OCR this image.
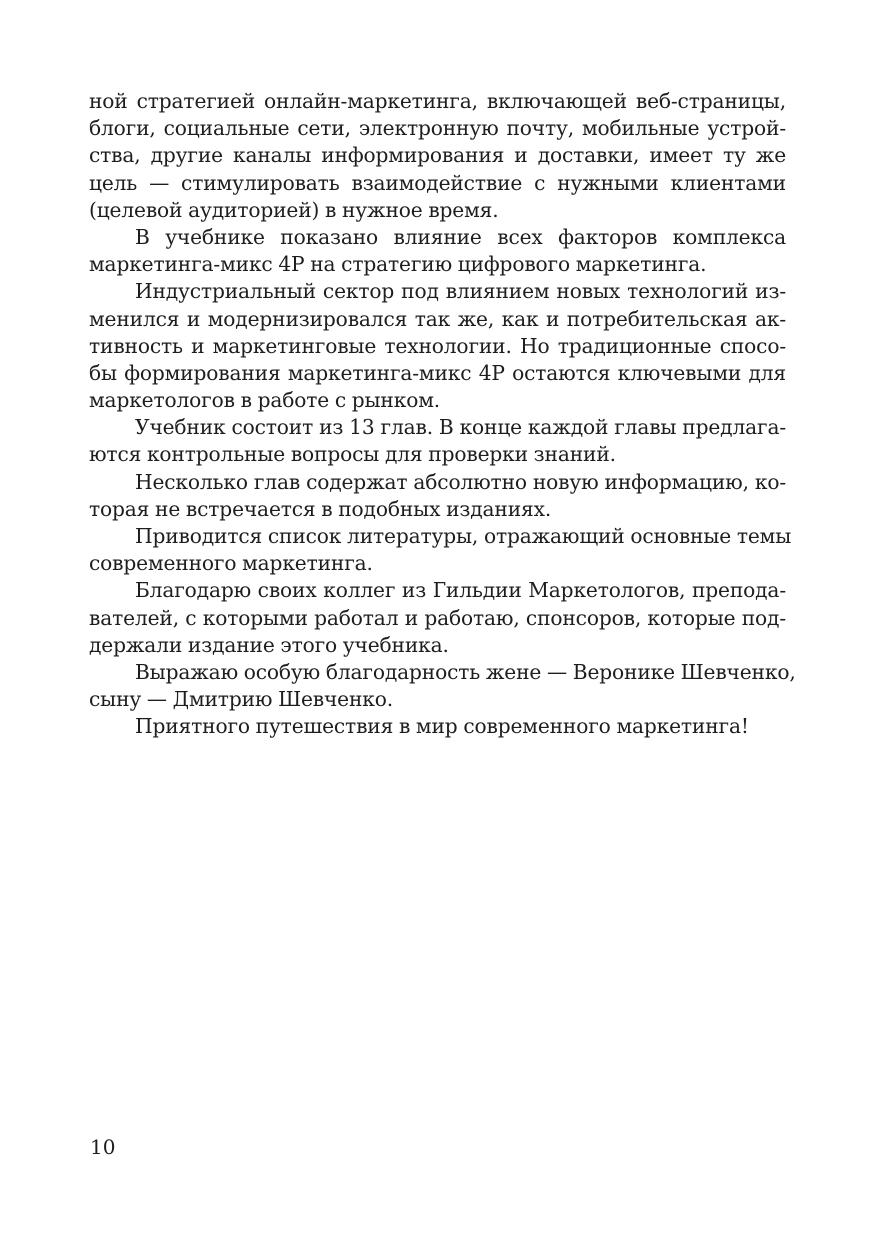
ной стратегией онлайн-маркетинга, включающей веб-страницы,
блоги, социальные сети, электронную почту, мобильные устрой-
ства, другие каналы информирования и доставки, имеет ту же
цель — стимулировать взаимодействие с нужными клиентами
(целевой аудиторией) в нужное время.
В учебнике показано влияние всех факторов комплекса
маркетинга-микс 4Р на стратегию цифрового маркетинга.
Индустриальный сектор под влиянием новых технологий из-
менился и модернизировался так же, как и потребительская ак-
тивность и маркетинговые технологии. Но традиционные спосо-
бы формирования маркетинга-микс 4Р остаются ключевыми для
маркетологов в работе с рынком.
Учебник состоит из 13 глав. В конце каждой главы предлага-
ются контрольные вопросы для проверки знаний.
Несколько глав содержат абсолютно новую информацию, ко-
торая не встречается в подобных изданиях.
Приводится список литературы, отражающий основные темы
современного маркетинга.
Благодарю своих коллег из Гильдии Маркетологов, препода-
вателей, с которыми работал и работаю, спонсоров, которые под-
держали издание этого учебника.
Выражаю особую благодарность жене — Веронике Шевченко,
сыну — Дмитрию Шевченко.
Приятного путешествия в мир современного маркетинга!
10
